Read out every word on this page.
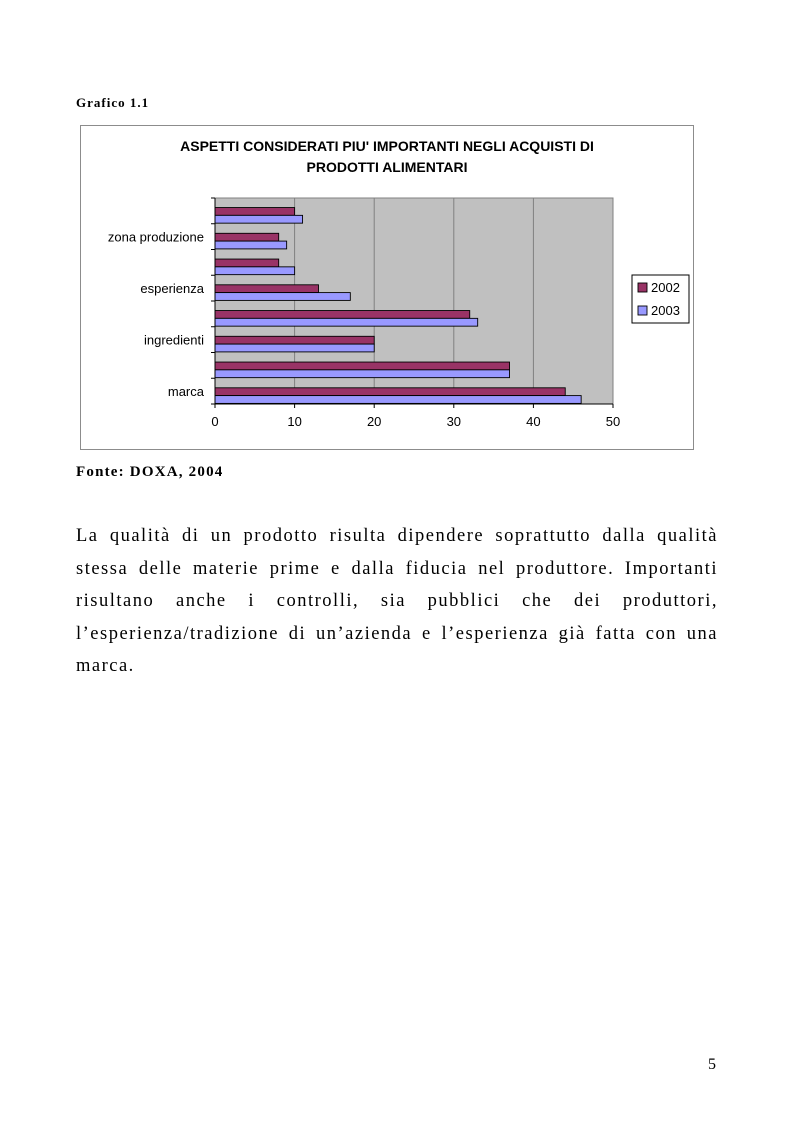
Grafico 1.1
ASPETTI CONSIDERATI PIU' IMPORTANTI NEGLI ACQUISTI DI
PRODOTTI ALIMENTARI
marca
ingredienti
esperienza
zona produzione
0	10	20	30	40	50
2002
2003
Fonte: DOXA, 2004

La qualità di un prodotto risulta dipendere soprattutto dalla qualità stessa delle materie prime e dalla fiducia nel produttore. Importanti risultano anche i controlli, sia pubblici che dei produttori, l’esperienza/tradizione di un’azienda e l’esperienza già fatta con una marca.

5
